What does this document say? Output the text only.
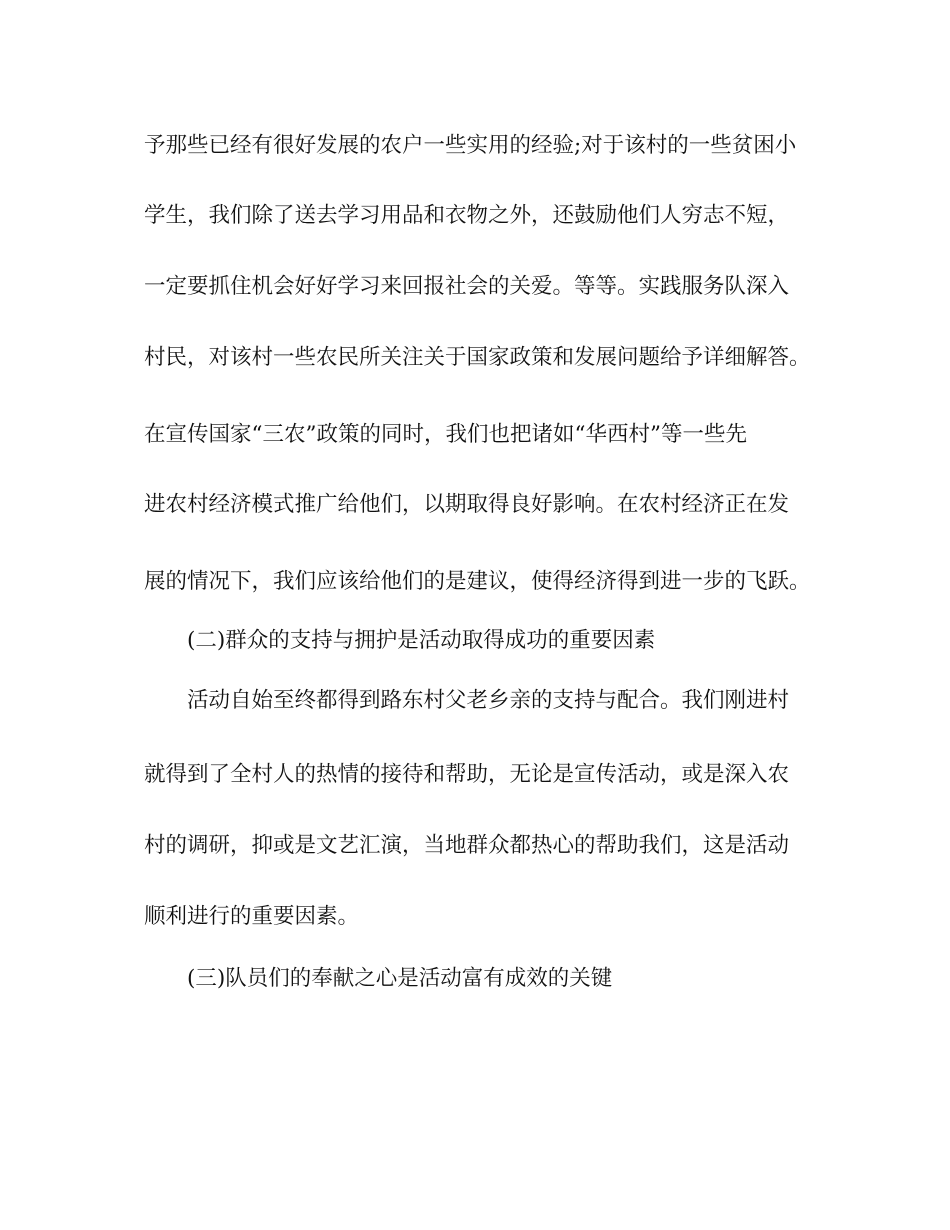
予那些已经有很好发展的农户一些实用的经验;对于该村的一些贫困小
学生，我们除了送去学习用品和衣物之外，还鼓励他们人穷志不短，
一定要抓住机会好好学习来回报社会的关爱。等等。实践服务队深入
村民，对该村一些农民所关注关于国家政策和发展问题给予详细解答。
在宣传国家“三农”政策的同时，我们也把诸如“华西村”等一些先
进农村经济模式推广给他们，以期取得良好影响。在农村经济正在发
展的情况下，我们应该给他们的是建议，使得经济得到进一步的飞跃。
(二)群众的支持与拥护是活动取得成功的重要因素
活动自始至终都得到路东村父老乡亲的支持与配合。我们刚进村
就得到了全村人的热情的接待和帮助，无论是宣传活动，或是深入农
村的调研，抑或是文艺汇演，当地群众都热心的帮助我们，这是活动
顺利进行的重要因素。
(三)队员们的奉献之心是活动富有成效的关键
